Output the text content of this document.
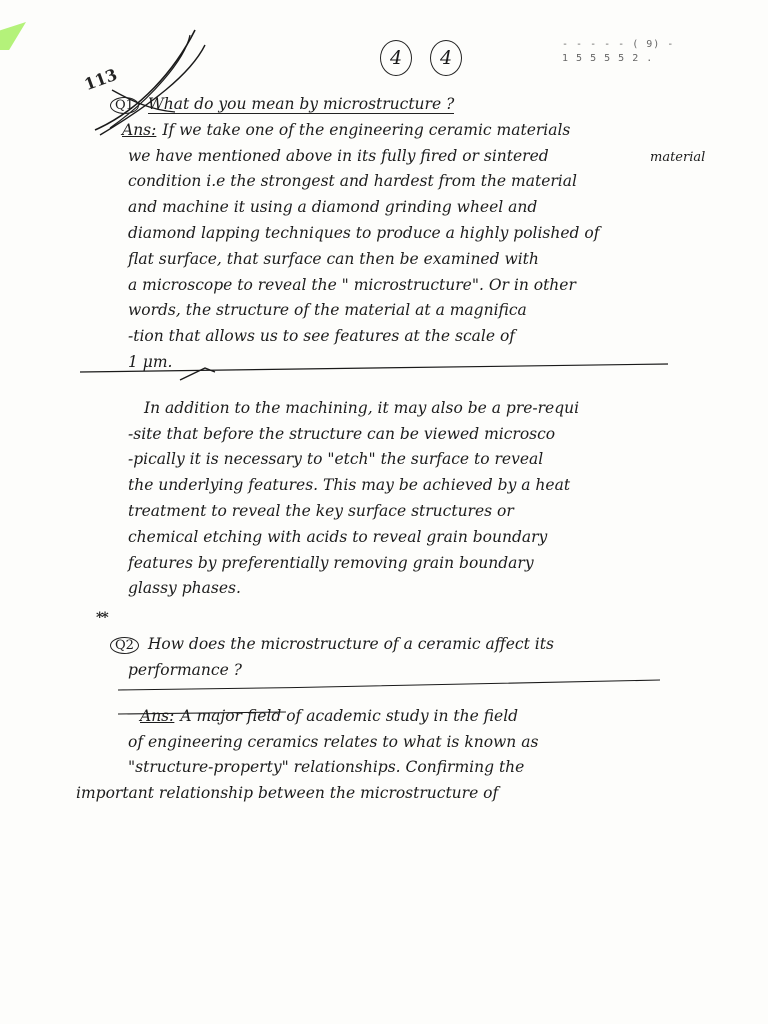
113
4	4
- - - - - ( 9) -
1 5 5 5 5 2 .
material
Q1 What do you mean by microstructure ?
Ans: If we take one of the engineering ceramic materials
we have mentioned above in its fully fired or sintered
condition i.e the strongest and hardest from the material
and machine it using a diamond grinding wheel and
diamond lapping techniques to produce a highly polished of
flat surface, that surface can then be examined with
a microscope to reveal the " microstructure". Or in other
words, the structure of the material at a magnifica
-tion that allows us to see features at the scale of
1 μm.
In addition to the machining, it may also be a pre-requi
-site that before the structure can be viewed microsco
-pically it is necessary to "etch" the surface to reveal
the underlying features. This may be achieved by a heat
treatment to reveal the key surface structures or
chemical etching with acids to reveal grain boundary
features by preferentially removing grain boundary
glassy phases.
**
Q2 How does the microstructure of a ceramic affect its
performance ?
Ans: A major field of academic study in the field
of engineering ceramics relates to what is known as
"structure-property" relationships. Confirming the
important relationship between the microstructure of
